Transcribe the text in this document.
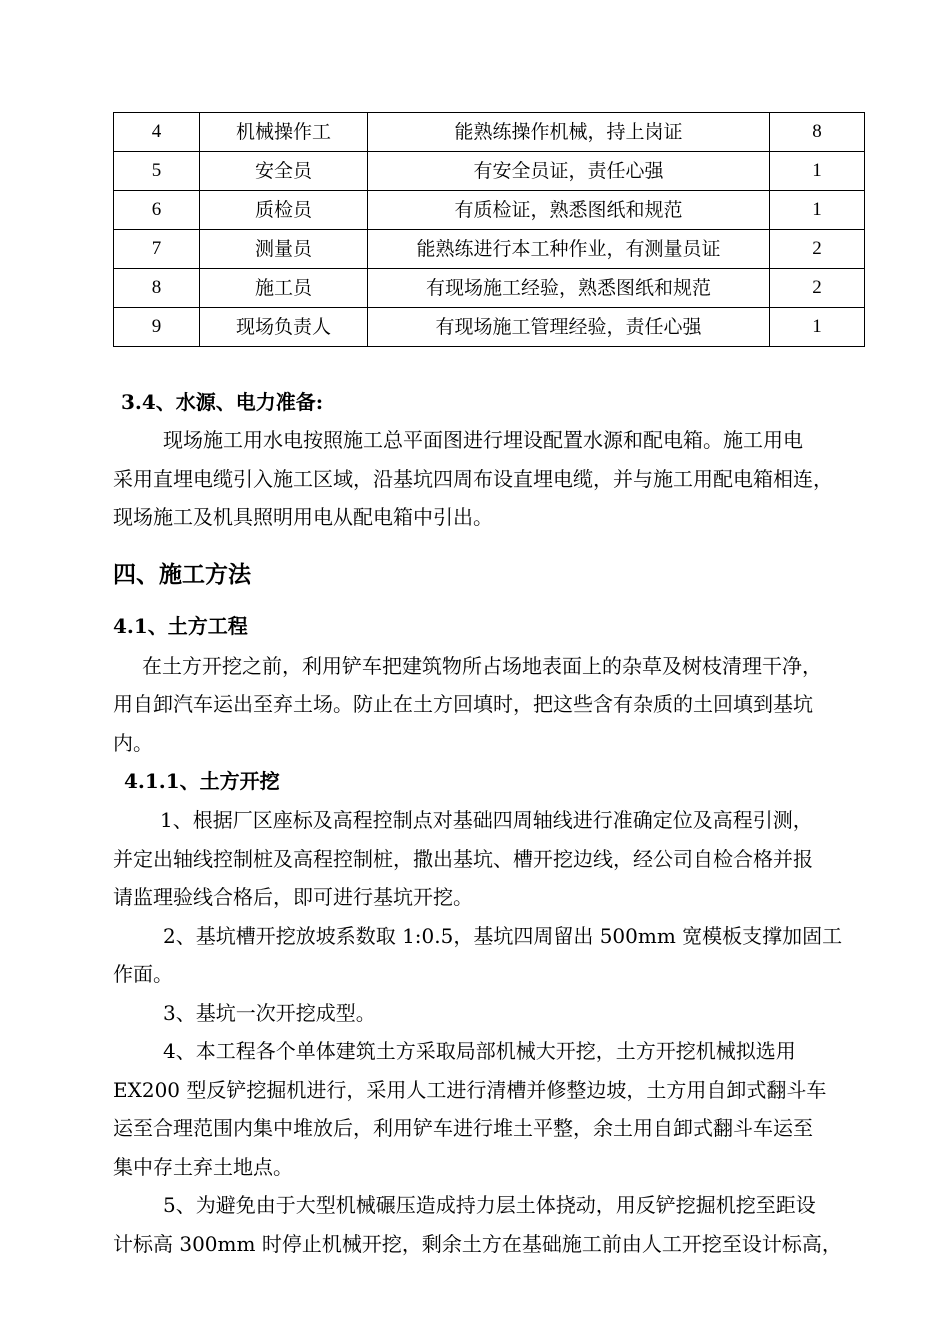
4	机械操作工	能熟练操作机械，持上岗证	8
5	安全员	有安全员证，责任心强	1
6	质检员	有质检证，熟悉图纸和规范	1
7	测量员	能熟练进行本工种作业，有测量员证	2
8	施工员	有现场施工经验，熟悉图纸和规范	2
9	现场负责人	有现场施工管理经验，责任心强	1
3.4、水源、电力准备:
现场施工用水电按照施工总平面图进行埋设配置水源和配电箱。施工用电
采用直埋电缆引入施工区域，沿基坑四周布设直埋电缆，并与施工用配电箱相连，
现场施工及机具照明用电从配电箱中引出。
四、施工方法
4.1、土方工程
在土方开挖之前，利用铲车把建筑物所占场地表面上的杂草及树枝清理干净，
用自卸汽车运出至弃土场。防止在土方回填时，把这些含有杂质的土回填到基坑
内。
4.1.1、土方开挖
1、根据厂区座标及高程控制点对基础四周轴线进行准确定位及高程引测，
并定出轴线控制桩及高程控制桩，撒出基坑、槽开挖边线，经公司自检合格并报
请监理验线合格后，即可进行基坑开挖。
2、基坑槽开挖放坡系数取 1:0.5，基坑四周留出 500mm 宽模板支撑加固工
作面。
3、基坑一次开挖成型。
4、本工程各个单体建筑土方采取局部机械大开挖，土方开挖机械拟选用
EX200 型反铲挖掘机进行，采用人工进行清槽并修整边坡，土方用自卸式翻斗车
运至合理范围内集中堆放后，利用铲车进行堆土平整，余土用自卸式翻斗车运至
集中存土弃土地点。
5、为避免由于大型机械碾压造成持力层土体挠动，用反铲挖掘机挖至距设
计标高 300mm 时停止机械开挖，剩余土方在基础施工前由人工开挖至设计标高，
